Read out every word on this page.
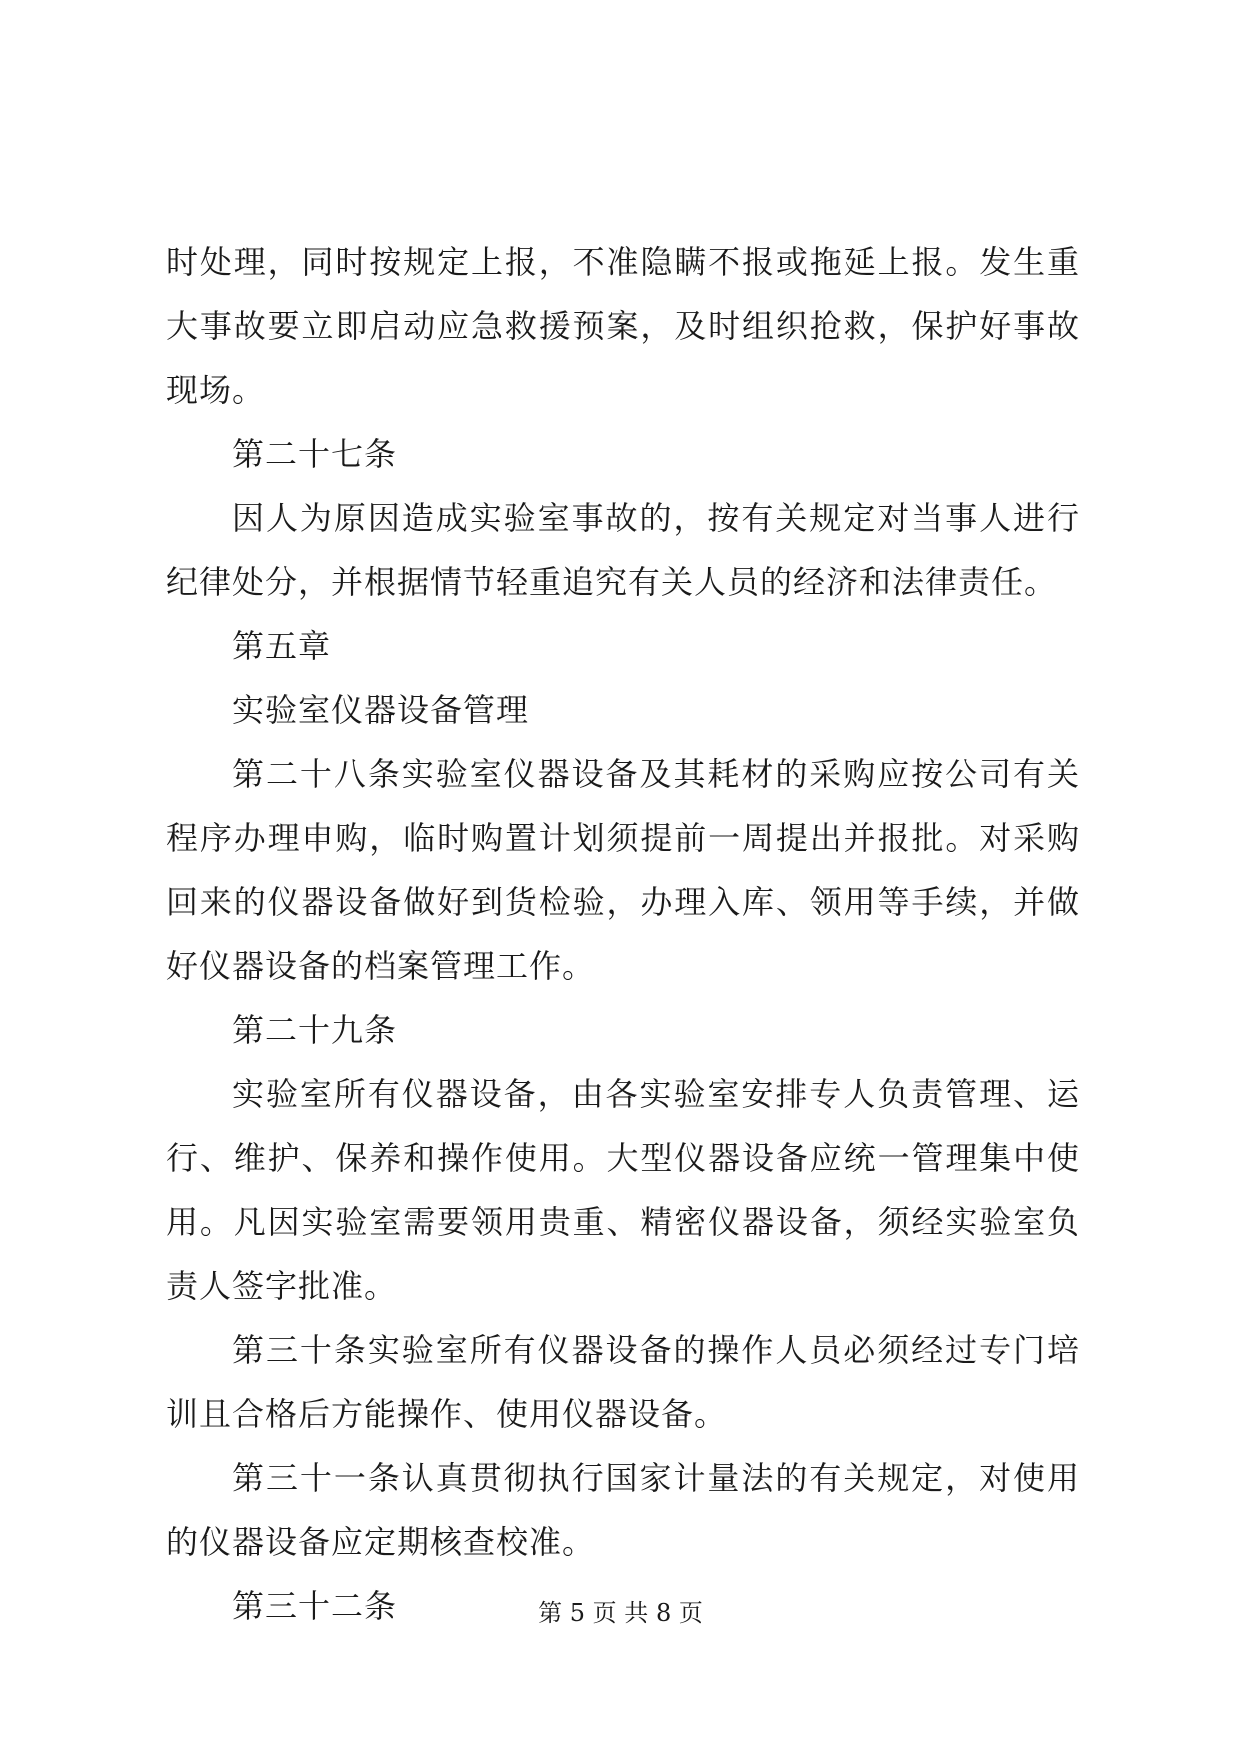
时处理，同时按规定上报，不准隐瞒不报或拖延上报。发生重大事故要立即启动应急救援预案，及时组织抢救，保护好事故现场。

第二十七条

因人为原因造成实验室事故的，按有关规定对当事人进行纪律处分，并根据情节轻重追究有关人员的经济和法律责任。

第五章

实验室仪器设备管理

第二十八条实验室仪器设备及其耗材的采购应按公司有关程序办理申购，临时购置计划须提前一周提出并报批。对采购回来的仪器设备做好到货检验，办理入库、领用等手续，并做好仪器设备的档案管理工作。

第二十九条

实验室所有仪器设备，由各实验室安排专人负责管理、运行、维护、保养和操作使用。大型仪器设备应统一管理集中使用。凡因实验室需要领用贵重、精密仪器设备，须经实验室负责人签字批准。

第三十条实验室所有仪器设备的操作人员必须经过专门培训且合格后方能操作、使用仪器设备。

第三十一条认真贯彻执行国家计量法的有关规定，对使用的仪器设备应定期核查校准。

第三十二条	第 5 页 共 8 页
